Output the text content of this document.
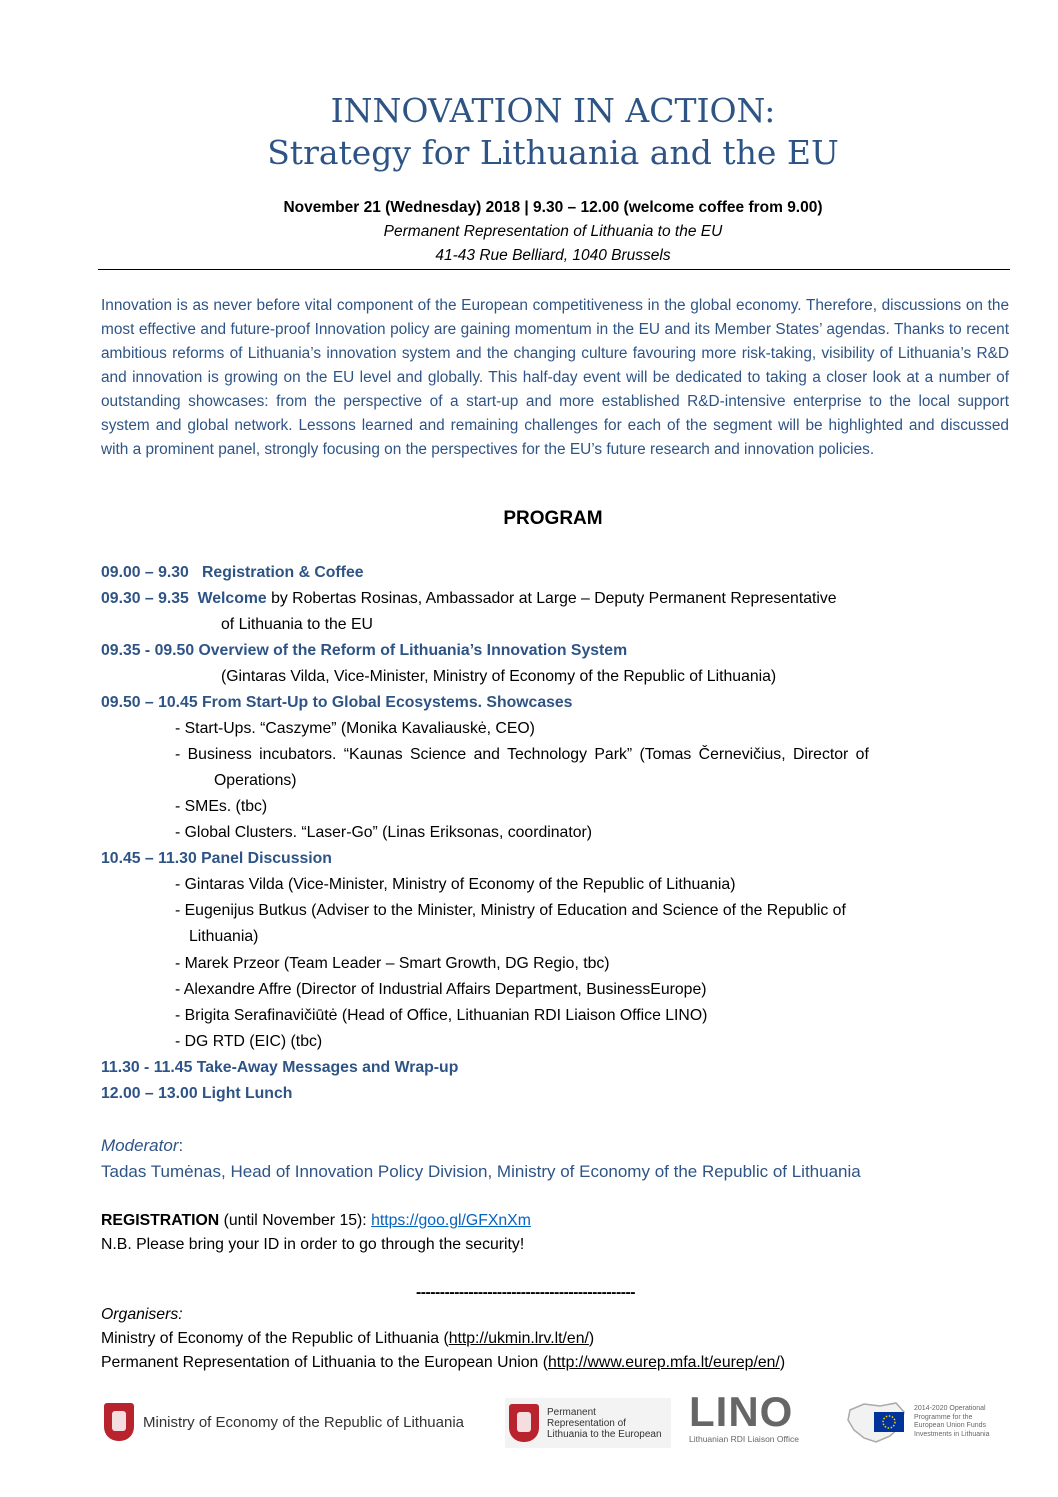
INNOVATION IN ACTION:
Strategy for Lithuania and the EU
November 21 (Wednesday) 2018 | 9.30 – 12.00 (welcome coffee from 9.00)
Permanent Representation of Lithuania to the EU
41-43 Rue Belliard, 1040 Brussels
Innovation is as never before vital component of the European competitiveness in the global economy. Therefore, discussions on the most effective and future-proof Innovation policy are gaining momentum in the EU and its Member States’ agendas. Thanks to recent ambitious reforms of Lithuania’s innovation system and the changing culture favouring more risk-taking, visibility of Lithuania’s R&D and innovation is growing on the EU level and globally. This half-day event will be dedicated to taking a closer look at a number of outstanding showcases: from the perspective of a start-up and more established R&D-intensive enterprise to the local support system and global network. Lessons learned and remaining challenges for each of the segment will be highlighted and discussed with a prominent panel, strongly focusing on the perspectives for the EU’s future research and innovation policies.
PROGRAM
09.00 – 9.30 Registration & Coffee
09.30 – 9.35 Welcome by Robertas Rosinas, Ambassador at Large – Deputy Permanent Representative
of Lithuania to the EU
09.35 - 09.50 Overview of the Reform of Lithuania’s Innovation System
(Gintaras Vilda, Vice-Minister, Ministry of Economy of the Republic of Lithuania)
09.50 – 10.45 From Start-Up to Global Ecosystems. Showcases
- Start-Ups. “Caszyme” (Monika Kavaliauskė, CEO)
- Business incubators. “Kaunas Science and Technology Park” (Tomas Černevičius, Director of
Operations)
- SMEs. (tbc)
- Global Clusters. “Laser-Go” (Linas Eriksonas, coordinator)
10.45 – 11.30 Panel Discussion
- Gintaras Vilda (Vice-Minister, Ministry of Economy of the Republic of Lithuania)
- Eugenijus Butkus (Adviser to the Minister, Ministry of Education and Science of the Republic of
Lithuania)
- Marek Przeor (Team Leader – Smart Growth, DG Regio, tbc)
- Alexandre Affre (Director of Industrial Affairs Department, BusinessEurope)
- Brigita Serafinavičiūtė (Head of Office, Lithuanian RDI Liaison Office LINO)
- DG RTD (EIC) (tbc)
11.30 - 11.45 Take-Away Messages and Wrap-up
12.00 – 13.00 Light Lunch
Moderator:
Tadas Tumėnas, Head of Innovation Policy Division, Ministry of Economy of the Republic of Lithuania
REGISTRATION (until November 15): https://goo.gl/GFXnXm
N.B. Please bring your ID in order to go through the security!
----------------------------------------------
Organisers:
Ministry of Economy of the Republic of Lithuania (http://ukmin.lrv.lt/en/)
Permanent Representation of Lithuania to the European Union (http://www.eurep.mfa.lt/eurep/en/)
Ministry of Economy of the Republic of Lithuania
Permanent
Representation of
Lithuania to the European LINO
Lithuanian RDI Liaison Office
2014-2020 Operational
Programme for the
European Union Funds
Investments in Lithuania
